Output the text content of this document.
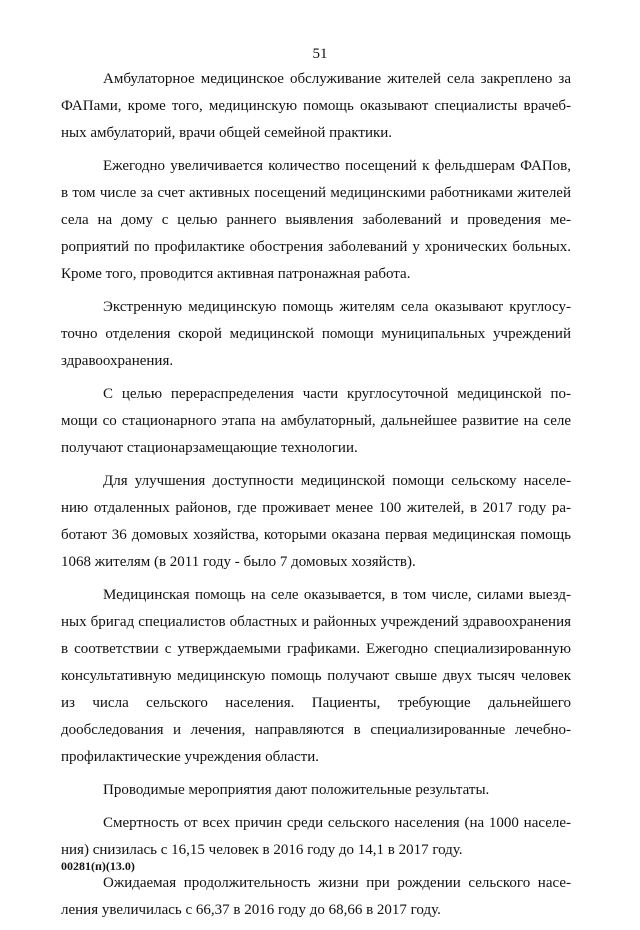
51

Амбулаторное медицинское обслуживание жителей села закреплено за ФАПами, кроме того, медицинскую помощь оказывают специалисты врачебных амбулаторий, врачи общей семейной практики.

Ежегодно увеличивается количество посещений к фельдшерам ФАПов, в том числе за счет активных посещений медицинскими работниками жителей села на дому с целью раннего выявления заболеваний и проведения мероприятий по профилактике обострения заболеваний у хронических больных. Кроме того, проводится активная патронажная работа.

Экстренную медицинскую помощь жителям села оказывают круглосуточно отделения скорой медицинской помощи муниципальных учреждений здравоохранения.

С целью перераспределения части круглосуточной медицинской помощи со стационарного этапа на амбулаторный, дальнейшее развитие на селе получают стационарзамещающие технологии.

Для улучшения доступности медицинской помощи сельскому населению отдаленных районов, где проживает менее 100 жителей, в 2017 году работают 36 домовых хозяйства, которыми оказана первая медицинская помощь 1068 жителям (в 2011 году - было 7 домовых хозяйств).

Медицинская помощь на селе оказывается, в том числе, силами выездных бригад специалистов областных и районных учреждений здравоохранения в соответствии с утверждаемыми графиками. Ежегодно специализированную консультативную медицинскую помощь получают свыше двух тысяч человек из числа сельского населения. Пациенты, требующие дальнейшего дообследования и лечения, направляются в специализированные лечебно-профилактические учреждения области.

Проводимые мероприятия дают положительные результаты.

Смертность от всех причин среди сельского населения (на 1000 населения) снизилась с 16,15 человек в 2016 году до 14,1 в 2017 году.

Ожидаемая продолжительность жизни при рождении сельского населения увеличилась с 66,37 в 2016 году до 68,66 в 2017 году.

00281(п)(13.0)
